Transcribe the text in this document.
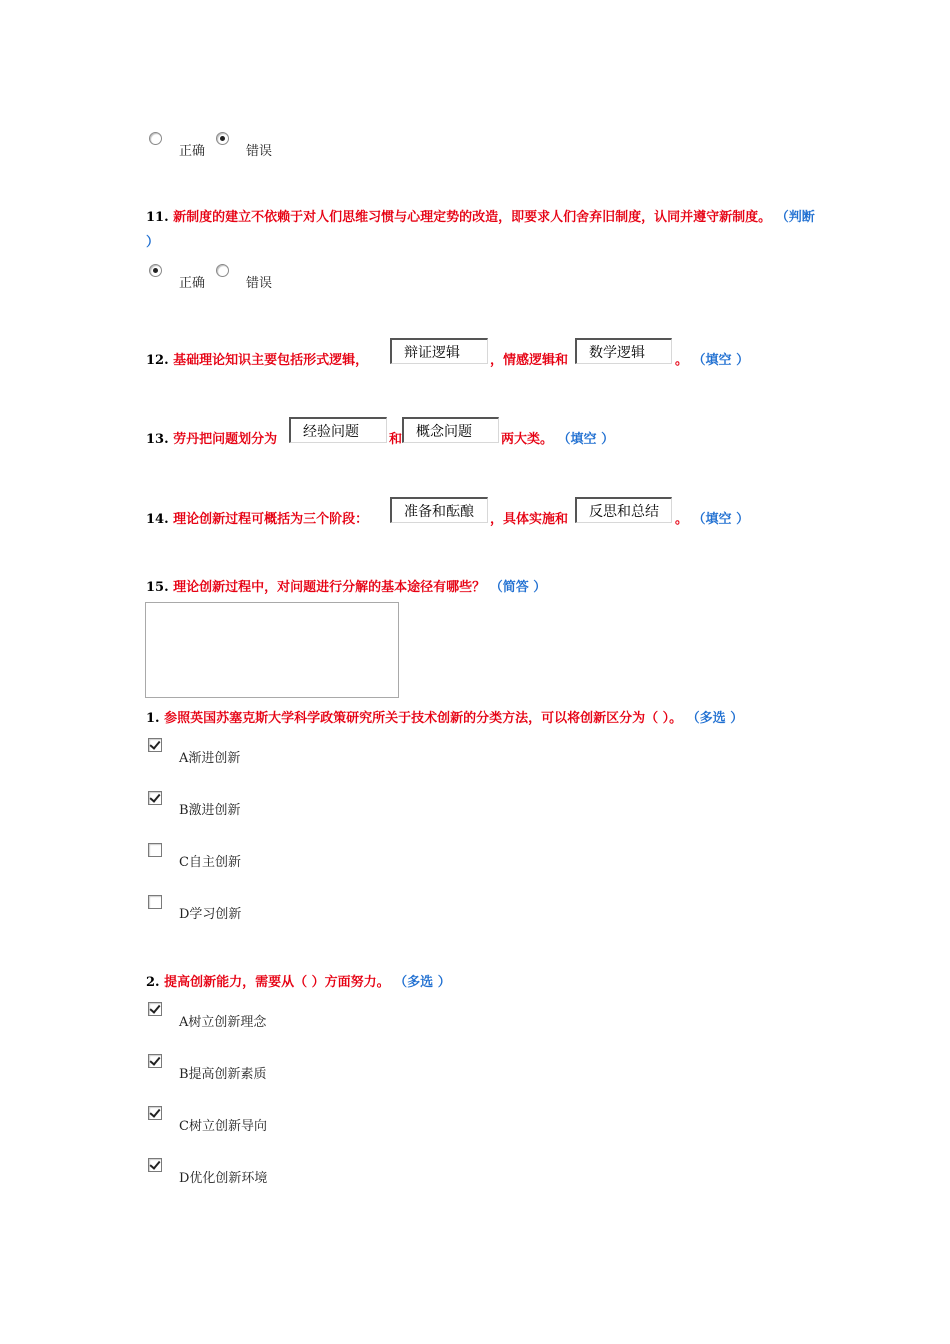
正确	错误
11. 新制度的建立不依赖于对人们思维习惯与心理定势的改造，即要求人们舍弃旧制度，认同并遵守新制度。 （判断 ）
正确	错误
12. 基础理论知识主要包括形式逻辑，	辩证逻辑 ，情感逻辑和 数学逻辑 。 （填空 ）
13. 劳丹把问题划分为 经验问题 和 概念问题 两大类。 （填空 ）
14. 理论创新过程可概括为三个阶段：	准备和酝酿 ，具体实施和 反思和总结 。 （填空 ）
15. 理论创新过程中，对问题进行分解的基本途径有哪些？ （简答 ）
1. 参照英国苏塞克斯大学科学政策研究所关于技术创新的分类方法，可以将创新区分为（ ）。 （多选 ）
A渐进创新
B激进创新
C自主创新
D学习创新
2. 提高创新能力，需要从（ ）方面努力。 （多选 ）
A树立创新理念
B提高创新素质
C树立创新导向
D优化创新环境
